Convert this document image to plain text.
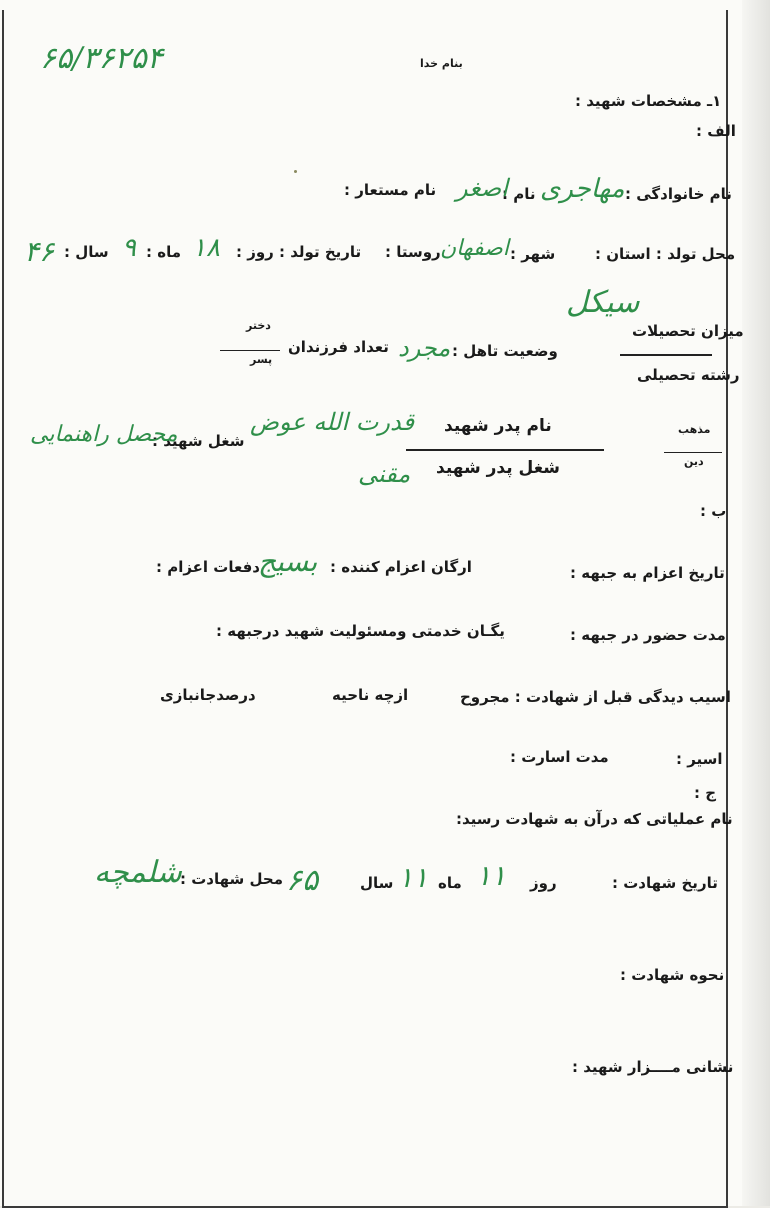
۶۵/۳۶۲۵۴	بنام خدا
۱ـ مشخصات شهید :
الف :
نام خانوادگی :
مهاجری
نام :
اصغر
نام مستعار :
محل تولد : استان :
شهر :
اصفهان
روستا :
تاریخ تولد : روز :
۱۸
ماه :
۹
سال :
۴۶
میزان تحصیلات
سیکل
رشته تحصیلی
وضعیت تاهل :
مجرد
تعداد فرزندان
دختر
پسر
مذهب
دین
نام پدر شهید
قدرت الله عوض
شغل پدر شهید
مقنی
شغل شهید :
محصل راهنمایی
ب :
تاریخ اعزام به جبهه :
ارگان اعزام کننده :
بسیج
دفعات اعزام :
مدت حضور در جبهه :
یگـان خدمتی ومسئولیت شهید درجبهه :
اسیب دیدگی قبل از شهادت : مجروح
ازچه ناحیه
درصدجانبازی
اسیر :
مدت اسارت :
ج :
نام عملیاتی که درآن به شهادت رسید:
تاریخ شهادت :
روز
۱۱
ماه
۱۱
سال
۶۵
محل شهادت :
شلمچه
نحوه شهادت :
نشانی مــــزار شهید :
